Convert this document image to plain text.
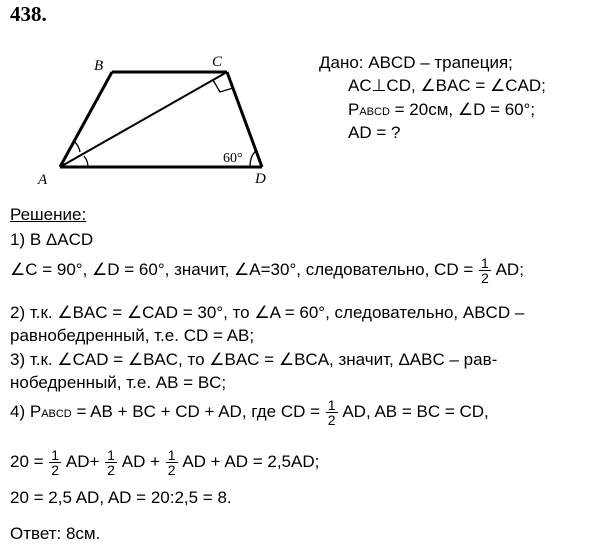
438.
B	C
A	D
60°
Дано: ABCD – трапеция;
AC⊥CD, ∠BAC = ∠CAD;
PABCD = 20см, ∠D = 60°;
AD = ?
Решение:
1) В ΔACD
∠C = 90°, ∠D = 60°, значит, ∠A=30°, следовательно, CD = $\frac{1}{2}$ AD;
2) т.к. ∠BAC = ∠CAD = 30°, то ∠A = 60°, следовательно, ABCD –
равнобедренный, т.е. CD = AB;
3) т.к. ∠CAD = ∠BAC, то ∠BAC = ∠BCA, значит, ΔABC – рав-
нобедренный, т.е. AB = BC;
4) PABCD = AB + BC + CD + AD, где CD = $\frac{1}{2}$ AD, AB = BC = CD,
$20 = \frac{1}{2} AD+ \frac{1}{2}$ AD + $\frac{1}{2}$ AD + AD = 2,5AD;
20 = 2,5 AD, AD = 20:2,5 = 8.
Ответ: 8см.
